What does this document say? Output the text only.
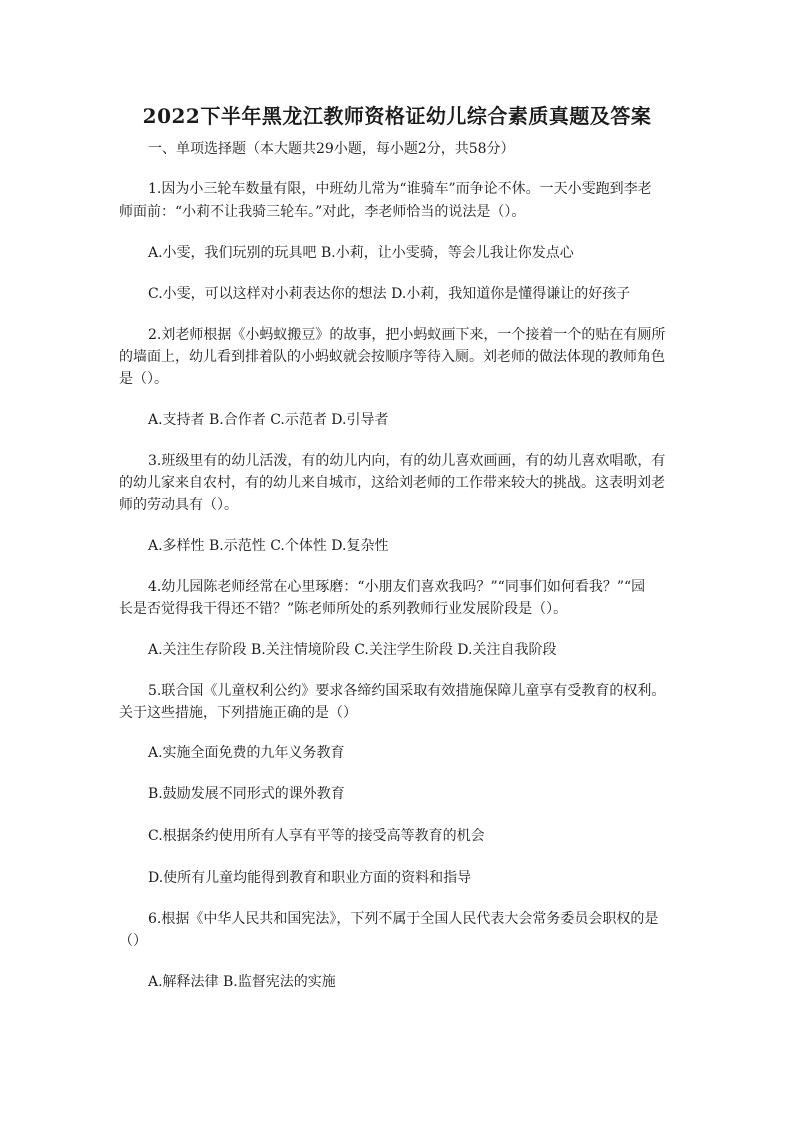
2022下半年黑龙江教师资格证幼儿综合素质真题及答案
一、单项选择题（本大题共29小题，每小题2分，共58分）
1.因为小三轮车数量有限，中班幼儿常为“谁骑车”而争论不休。一天小雯跑到李老
师面前：“小莉不让我骑三轮车。”对此，李老师恰当的说法是（）。
A.小雯，我们玩别的玩具吧 B.小莉，让小雯骑，等会儿我让你发点心
C.小雯，可以这样对小莉表达你的想法 D.小莉，我知道你是懂得谦让的好孩子
2.刘老师根据《小蚂蚁搬豆》的故事，把小蚂蚁画下来，一个接着一个的贴在有厕所
的墙面上，幼儿看到排着队的小蚂蚁就会按顺序等待入厕。刘老师的做法体现的教师角色
是（）。
A.支持者 B.合作者 C.示范者 D.引导者
3.班级里有的幼儿活泼，有的幼儿内向，有的幼儿喜欢画画，有的幼儿喜欢唱歌，有
的幼儿家来自农村，有的幼儿来自城市，这给刘老师的工作带来较大的挑战。这表明刘老
师的劳动具有（）。
A.多样性 B.示范性 C.个体性 D.复杂性
4.幼儿园陈老师经常在心里琢磨：“小朋友们喜欢我吗？”“同事们如何看我？”“园
长是否觉得我干得还不错？”陈老师所处的系列教师行业发展阶段是（）。
A.关注生存阶段 B.关注情境阶段 C.关注学生阶段 D.关注自我阶段
5.联合国《儿童权利公约》要求各缔约国采取有效措施保障儿童享有受教育的权利。
关于这些措施，下列措施正确的是（）
A.实施全面免费的九年义务教育
B.鼓励发展不同形式的课外教育
C.根据条约使用所有人享有平等的接受高等教育的机会
D.使所有儿童均能得到教育和职业方面的资料和指导
6.根据《中华人民共和国宪法》，下列不属于全国人民代表大会常务委员会职权的是
（）
A.解释法律 B.监督宪法的实施
